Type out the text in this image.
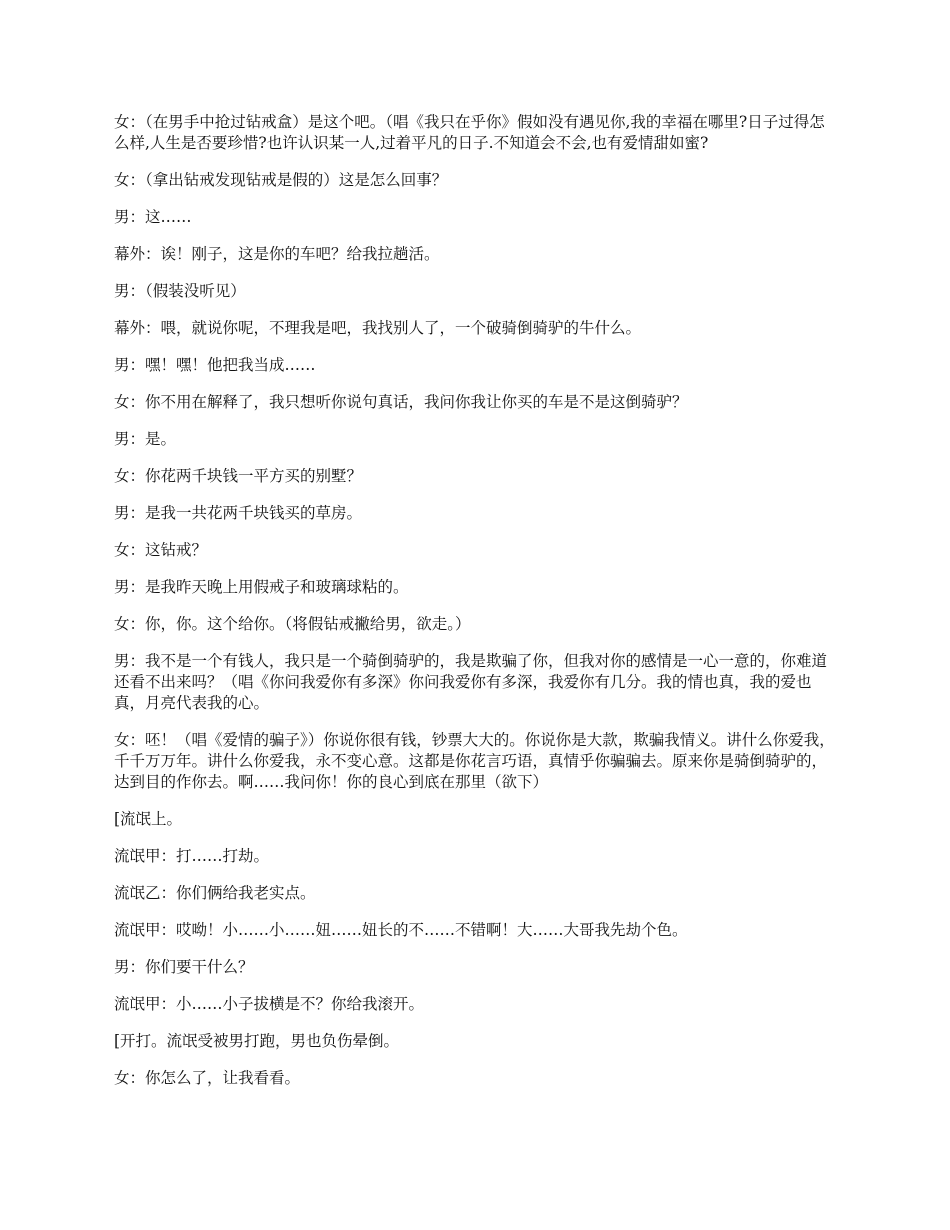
女：（在男手中抢过钻戒盒）是这个吧。（唱《我只在乎你》假如没有遇见你,我的幸福在哪里?日子过得怎么样,人生是否要珍惜?也许认识某一人,过着平凡的日子.不知道会不会,也有爱情甜如蜜?

女：（拿出钻戒发现钻戒是假的）这是怎么回事？

男：这……

幕外：诶！刚子，这是你的车吧？给我拉趟活。

男：（假装没听见）

幕外：喂，就说你呢，不理我是吧，我找别人了，一个破骑倒骑驴的牛什么。

男：嘿！嘿！他把我当成……

女：你不用在解释了，我只想听你说句真话，我问你我让你买的车是不是这倒骑驴？

男：是。

女：你花两千块钱一平方买的别墅？

男：是我一共花两千块钱买的草房。

女：这钻戒？

男：是我昨天晚上用假戒子和玻璃球粘的。

女：你，你。这个给你。（将假钻戒撇给男，欲走。）

男：我不是一个有钱人，我只是一个骑倒骑驴的，我是欺骗了你，但我对你的感情是一心一意的，你难道还看不出来吗？（唱《你问我爱你有多深》你问我爱你有多深，我爱你有几分。我的情也真，我的爱也真，月亮代表我的心。

女：呸！（唱《爱情的骗子》）你说你很有钱，钞票大大的。你说你是大款，欺骗我情义。讲什么你爱我，千千万万年。讲什么你爱我，永不变心意。这都是你花言巧语，真情乎你骗骗去。原来你是骑倒骑驴的，达到目的作你去。啊……我问你！你的良心到底在那里（欲下）

[流氓上。

流氓甲：打……打劫。

流氓乙：你们俩给我老实点。

流氓甲：哎呦！小……小……妞……妞长的不……不错啊！大……大哥我先劫个色。

男：你们要干什么？

流氓甲：小……小子拔横是不？你给我滚开。

[开打。流氓受被男打跑，男也负伤晕倒。

女：你怎么了，让我看看。
